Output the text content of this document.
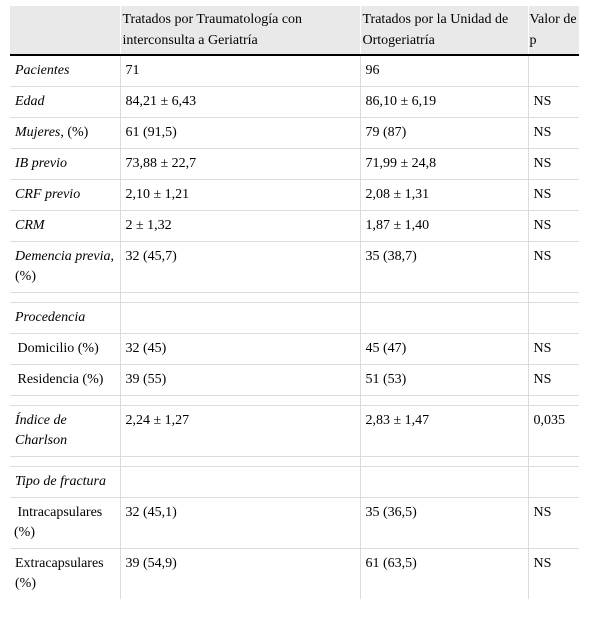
	Tratados por Traumatología con interconsulta a Geriatría	Tratados por la Unidad de Ortogeriatría	Valor de p
Pacientes	71	96	
Edad	84,21 ± 6,43	86,10 ± 6,19	NS
Mujeres, (%)	61 (91,5)	79 (87)	NS
IB previo	73,88 ± 22,7	71,99 ± 24,8	NS
CRF previo	2,10 ± 1,21	2,08 ± 1,31	NS
CRM	2 ± 1,32	1,87 ± 1,40	NS
Demencia previa, (%)	32 (45,7)	35 (38,7)	NS

Procedencia			
Domicilio (%)	32 (45)	45 (47)	NS
Residencia (%)	39 (55)	51 (53)	NS

Índice de Charlson	2,24 ± 1,27	2,83 ± 1,47	0,035

Tipo de fractura			
Intracapsulares (%)	32 (45,1)	35 (36,5)	NS
Extracapsulares (%)	39 (54,9)	61 (63,5)	NS
